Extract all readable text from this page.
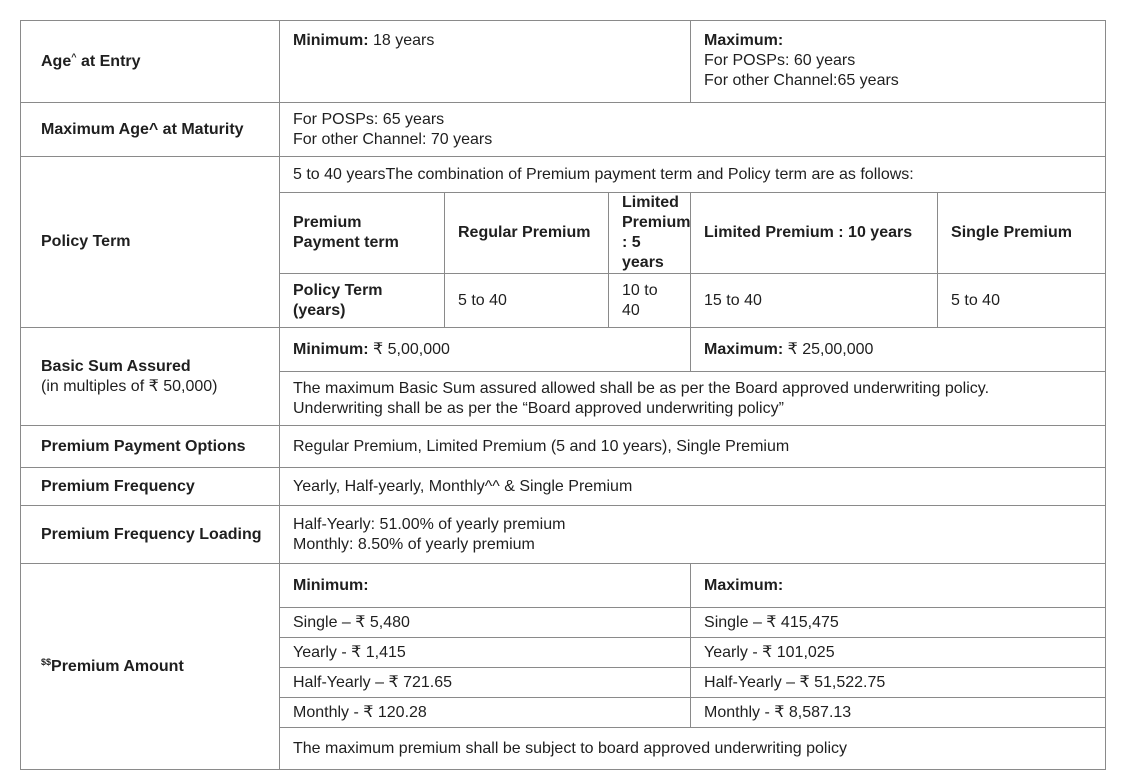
Age^ at Entry	Minimum: 18 years			Maximum:
For POSPs: 60 years
For other Channel:65 years	

Maximum Age^ at Maturity	For POSPs: 65 years
For other Channel: 70 years				

Policy Term	5 to 40 yearsThe combination of Premium payment term and Policy term are as follows:				
	Premium Payment term	Regular Premium	Limited Premium : 5 years	Limited Premium : 10 years	Single Premium
	Policy Term (years)	5 to 40	10 to 40	15 to 40	5 to 40
Basic Sum Assured
(in multiples of ₹ 50,000)	Minimum: ₹ 5,00,000			Maximum: ₹ 25,00,000	

	The maximum Basic Sum assured allowed shall be as per the Board approved underwriting policy.
Underwriting shall be as per the “Board approved underwriting policy”				

Premium Payment Options	Regular Premium, Limited Premium (5 and 10 years), Single Premium				
Premium Frequency	Yearly, Half-yearly, Monthly^^ & Single Premium				
Premium Frequency Loading	Half-Yearly: 51.00% of yearly premium
Monthly: 8.50% of yearly premium				

$$Premium Amount	Minimum:			Maximum:	
	Single – ₹ 5,480			Single – ₹ 415,475	
	Yearly - ₹ 1,415			Yearly - ₹ 101,025	
	Half-Yearly – ₹ 721.65			Half-Yearly – ₹ 51,522.75	
	Monthly - ₹ 120.28			Monthly - ₹ 8,587.13	
	The maximum premium shall be subject to board approved underwriting policy				
